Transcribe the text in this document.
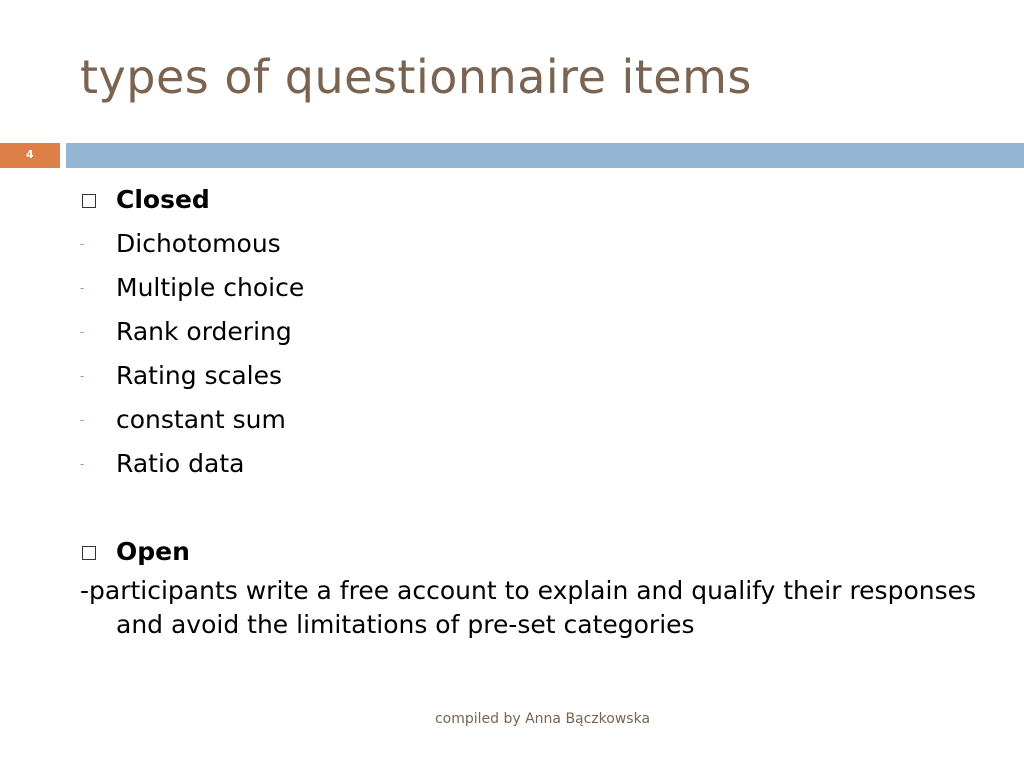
types of questionnaire items
4
Closed
- Dichotomous
- Multiple choice
- Rank ordering
- Rating scales
- constant sum
- Ratio data
Open
-participants write a free account to explain and qualify their responses and avoid the limitations of pre-set categories
compiled by Anna Bączkowska
